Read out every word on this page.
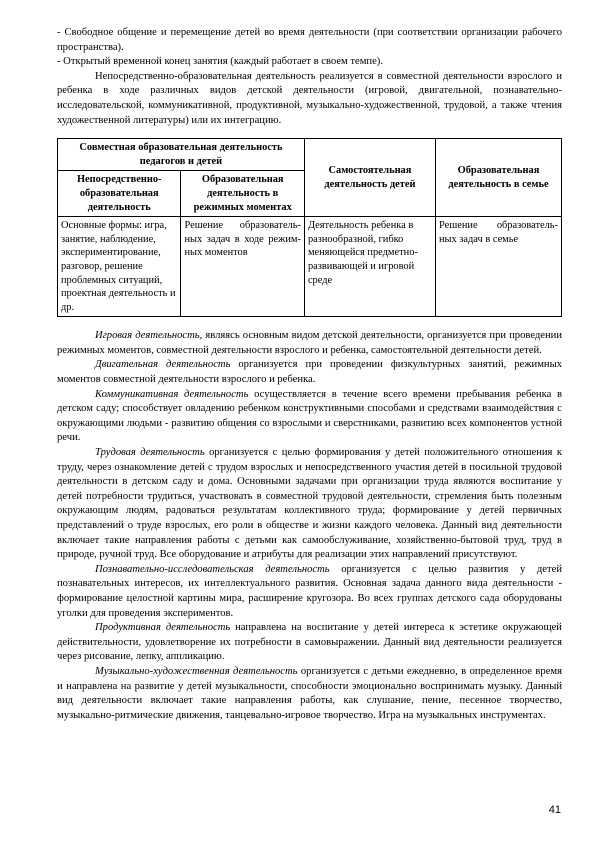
- Свободное общение и перемещение детей во время деятельности (при соответствии организации рабочего пространства).

- Открытый временной конец занятия (каждый работает в своем темпе).

Непосредственно-образовательная деятельность реализуется в совместной деятельности взрослого и ребенка в ходе различных видов детской деятельности (игровой, двигательной, познавательно-исследовательской, коммуникативной, продуктивной, музыкально-художественной, трудовой, а также чтения художественной литературы) или их интеграцию.

Совместная образовательная деятельность педагогов и детей		Самостоятельная деятельность детей	Образовательная деятельность в семье
Непосредственно-образовательная деятельность	Образовательная деятельность в режимных моментах		
Основные формы: игра, занятие, наблюдение, экспериментирование, разговор, решение проблемных ситуаций, проектная деятельность и др.	Решение образователь-ных задач в ходе режим-ных моментов	Деятельность ребенка в разнообразной, гибко меняющейся предметно-развивающей и игровой среде	Решение образователь-ных задач в семье

Игровая деятельность, являясь основным видом детской деятельности, организуется при проведении режимных моментов, совместной деятельности взрослого и ребенка, самостоятельной деятельности детей.

Двигательная деятельность организуется при проведении физкультурных занятий, режимных моментов совместной деятельности взрослого и ребенка.

Коммуникативная деятельность осуществляется в течение всего времени пребывания ребенка в детском саду; способствует овладению ребенком конструктивными способами и средствами взаимодействия с окружающими людьми - развитию общения со взрослыми и сверстниками, развитию всех компонентов устной речи.

Трудовая деятельность организуется с целью формирования у детей положительного отношения к труду, через ознакомление детей с трудом взрослых и непосредственного участия детей в посильной трудовой деятельности в детском саду и дома. Основными задачами при организации труда являются воспитание у детей потребности трудиться, участвовать в совместной трудовой деятельности, стремления быть полезным окружающим людям, радоваться результатам коллективного труда; формирование у детей первичных представлений о труде взрослых, его роли в обществе и жизни каждого человека. Данный вид деятельности включает такие направления работы с детьми как самообслуживание, хозяйственно-бытовой труд, труд в природе, ручной труд. Все оборудование и атрибуты для реализации этих направлений присутствуют.

Познавательно-исследовательская деятельность организуется с целью развития у детей познавательных интересов, их интеллектуального развития. Основная задача данного вида деятельности - формирование целостной картины мира, расширение кругозора. Во всех группах детского сада оборудованы уголки для проведения экспериментов.

Продуктивная деятельность направлена на воспитание у детей интереса к эстетике окружающей действительности, удовлетворение их потребности в самовыражении. Данный вид деятельности реализуется через рисование, лепку, аппликацию.

Музыкально-художественная деятельность организуется с детьми ежедневно, в определенное время и направлена на развитие у детей музыкальности, способности эмоционально воспринимать музыку. Данный вид деятельности включает такие направления работы, как слушание, пение, песенное творчество, музыкально-ритмические движения, танцевально-игровое творчество. Игра на музыкальных инструментах.

41
